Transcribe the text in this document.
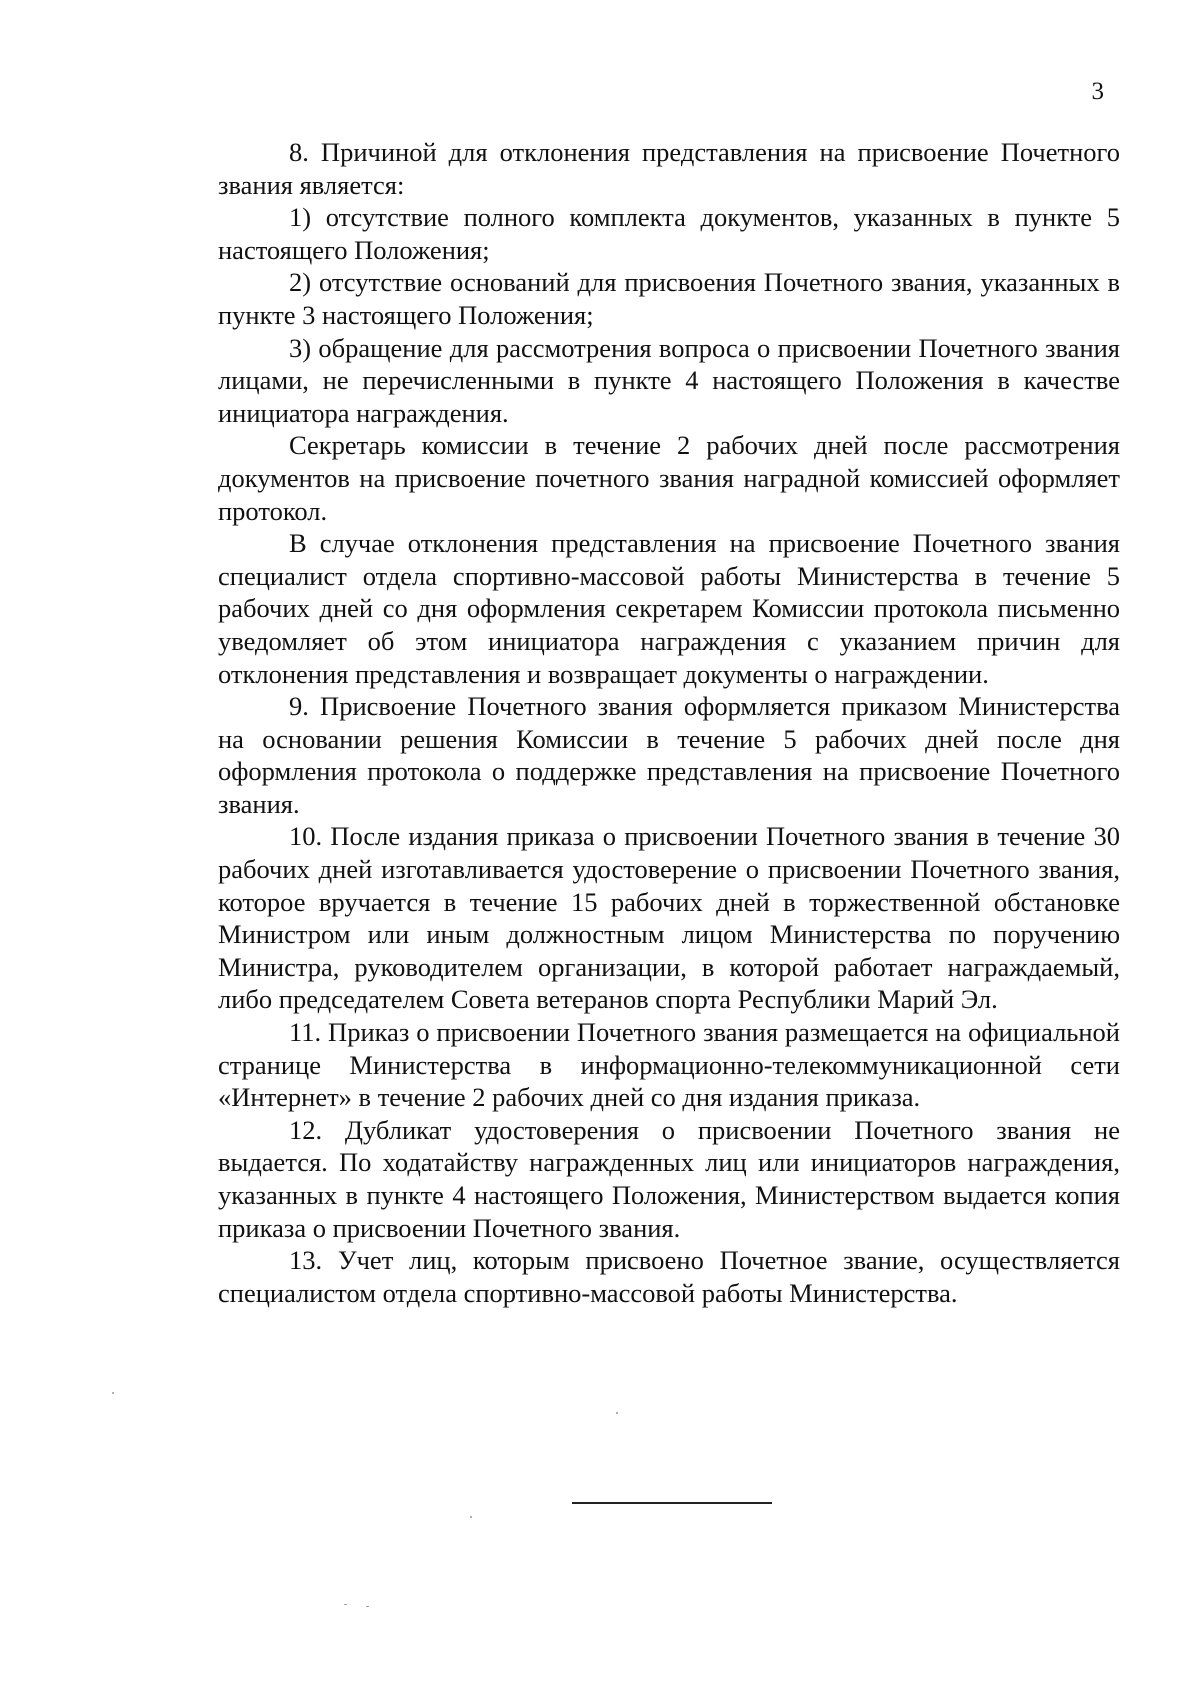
3

8. Причиной для отклонения представления на присвоение Почетного звания является:

1) отсутствие полного комплекта документов, указанных в пункте 5 настоящего Положения;

2) отсутствие оснований для присвоения Почетного звания, указанных в пункте 3 настоящего Положения;

3) обращение для рассмотрения вопроса о присвоении Почетного звания лицами, не перечисленными в пункте 4 настоящего Положения в качестве инициатора награждения.

Секретарь комиссии в течение 2 рабочих дней после рассмотрения документов на присвоение почетного звания наградной комиссией оформляет протокол.

В случае отклонения представления на присвоение Почетного звания специалист отдела спортивно-массовой работы Министерства в течение 5 рабочих дней со дня оформления секретарем Комиссии протокола письменно уведомляет об этом инициатора награждения с указанием причин для отклонения представления и возвращает документы о награждении.

9. Присвоение Почетного звания оформляется приказом Министерства на основании решения Комиссии в течение 5 рабочих дней после дня оформления протокола о поддержке представления на присвоение Почетного звания.

10. После издания приказа о присвоении Почетного звания в течение 30 рабочих дней изготавливается удостоверение о присвоении Почетного звания, которое вручается в течение 15 рабочих дней в торжественной обстановке Министром или иным должностным лицом Министерства по поручению Министра, руководителем организации, в которой работает награждаемый, либо председателем Совета ветеранов спорта Республики Марий Эл.

11. Приказ о присвоении Почетного звания размещается на официальной странице Министерства в информационно-телекоммуникационной сети «Интернет» в течение 2 рабочих дней со дня издания приказа.

12. Дубликат удостоверения о присвоении Почетного звания не выдается. По ходатайству награжденных лиц или инициаторов награждения, указанных в пункте 4 настоящего Положения, Министерством выдается копия приказа о присвоении Почетного звания.

13. Учет лиц, которым присвоено Почетное звание, осуществляется специалистом отдела спортивно-массовой работы Министерства.
